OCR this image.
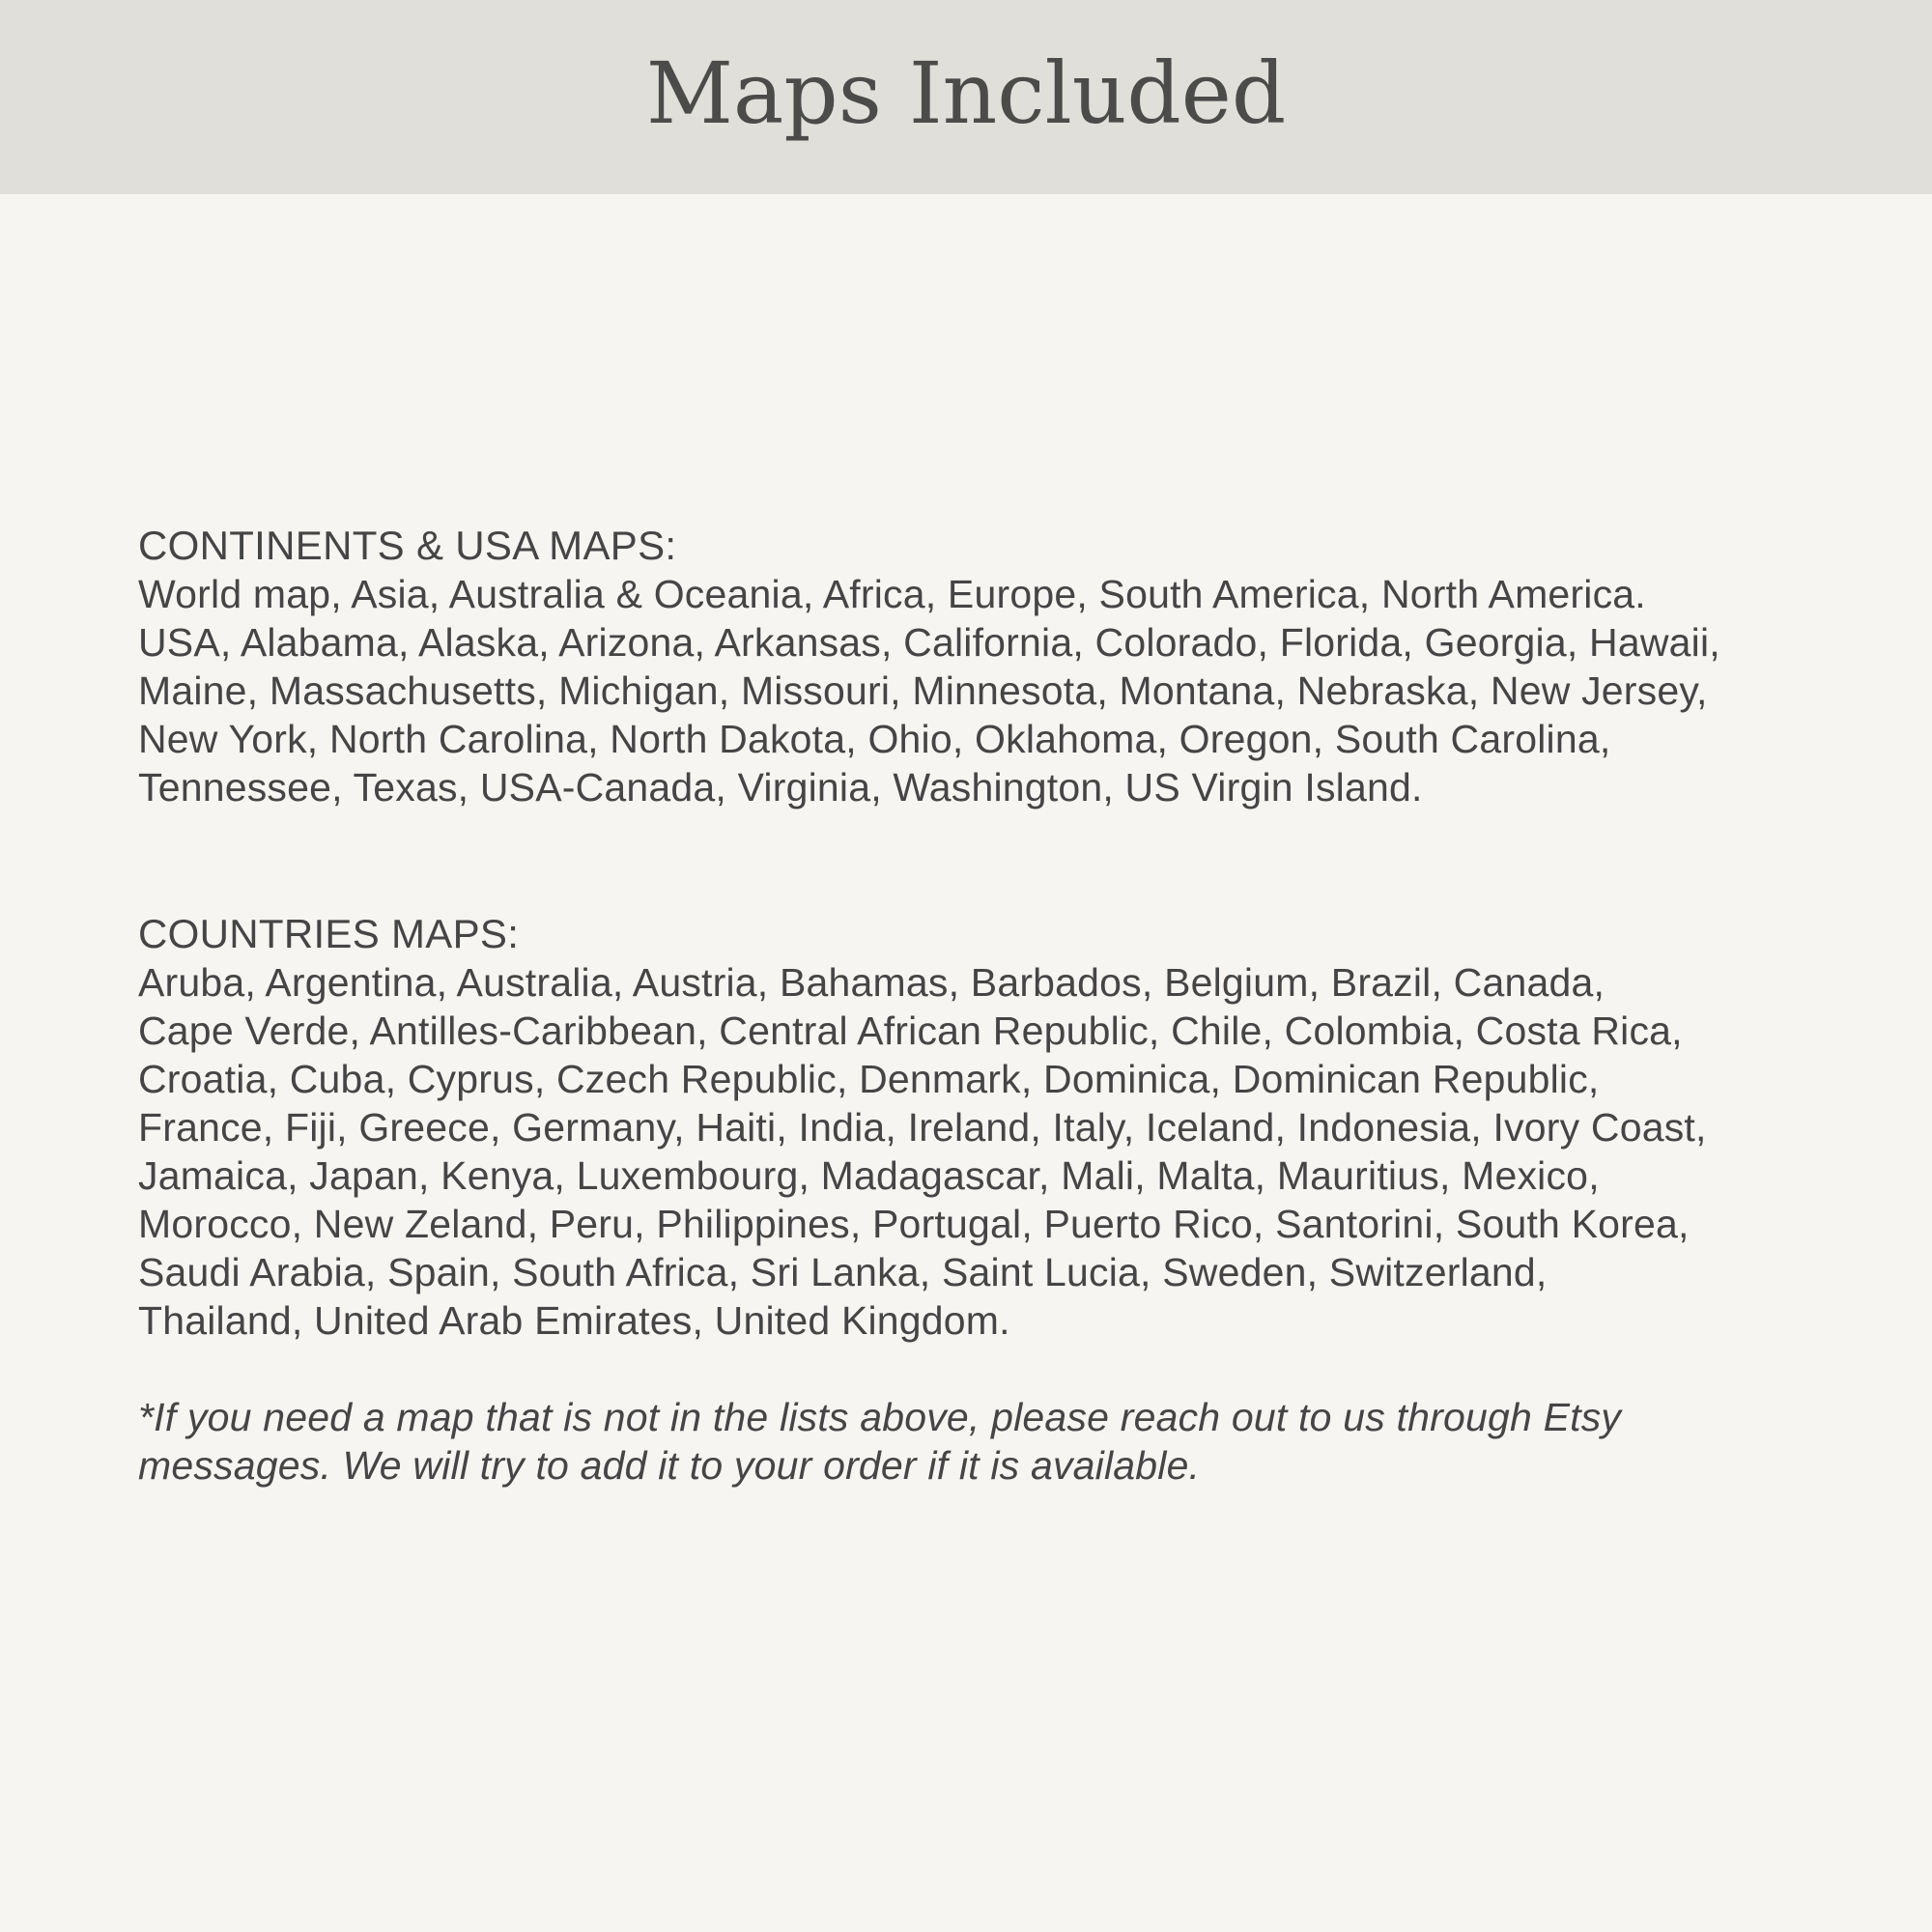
Maps Included
CONTINENTS & USA MAPS:

World map, Asia, Australia & Oceania, Africa, Europe, South America, North America.
USA, Alabama, Alaska, Arizona, Arkansas, California, Colorado, Florida, Georgia, Hawaii,
Maine, Massachusetts, Michigan, Missouri, Minnesota, Montana, Nebraska, New Jersey,
New York, North Carolina, North Dakota, Ohio, Oklahoma, Oregon, South Carolina,
Tennessee, Texas, USA-Canada, Virginia, Washington, US Virgin Island.

COUNTRIES MAPS:

Aruba, Argentina, Australia, Austria, Bahamas, Barbados, Belgium, Brazil, Canada,
Cape Verde, Antilles-Caribbean, Central African Republic, Chile, Colombia, Costa Rica,
Croatia, Cuba, Cyprus, Czech Republic, Denmark, Dominica, Dominican Republic,
France, Fiji, Greece, Germany, Haiti, India, Ireland, Italy, Iceland, Indonesia, Ivory Coast,
Jamaica, Japan, Kenya, Luxembourg, Madagascar, Mali, Malta, Mauritius, Mexico,
Morocco, New Zeland, Peru, Philippines, Portugal, Puerto Rico, Santorini, South Korea,
Saudi Arabia, Spain, South Africa, Sri Lanka, Saint Lucia, Sweden, Switzerland,
Thailand, United Arab Emirates, United Kingdom.

*If you need a map that is not in the lists above, please reach out to us through Etsy
messages. We will try to add it to your order if it is available.
